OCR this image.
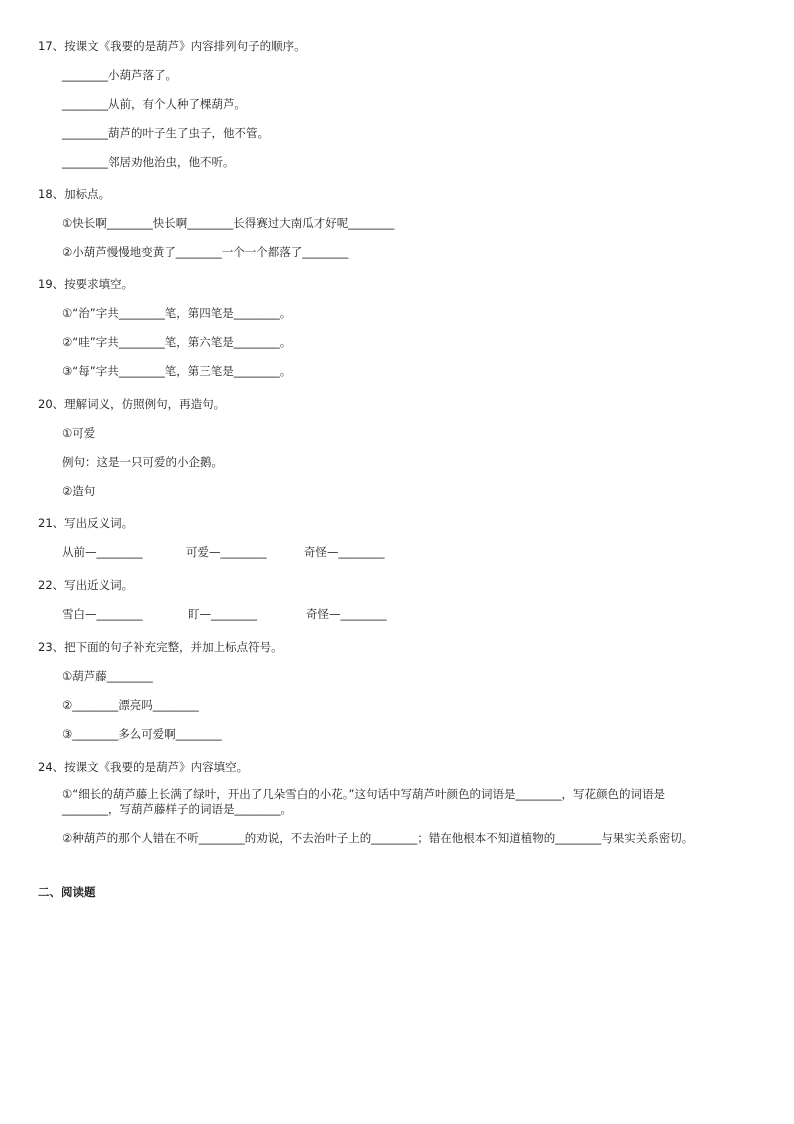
17、按课文《我要的是葫芦》内容排列句子的顺序。
________小葫芦落了。
________从前，有个人种了棵葫芦。
________葫芦的叶子生了虫子，他不管。
________邻居劝他治虫，他不听。
18、加标点。
①快长啊________快长啊________长得赛过大南瓜才好呢________
②小葫芦慢慢地变黄了________一个一个都落了________
19、按要求填空。
①“治”字共________笔，第四笔是________。
②“哇”字共________笔，第六笔是________。
③“每”字共________笔，第三笔是________。
20、理解词义，仿照例句，再造句。
①可爱
例句：这是一只可爱的小企鹅。
②造句
21、写出反义词。
从前—________	可爱—________	奇怪—________
22、写出近义词。
雪白—________	盯—________	奇怪—________
23、把下面的句子补充完整，并加上标点符号。
①葫芦藤________
②________漂亮吗________
③________多么可爱啊________
24、按课文《我要的是葫芦》内容填空。
①“细长的葫芦藤上长满了绿叶，开出了几朵雪白的小花。”这句话中写葫芦叶颜色的词语是________，写花颜色的词语是________，写葫芦藤样子的词语是________。
②种葫芦的那个人错在不听________的劝说，不去治叶子上的________；错在他根本不知道植物的________与果实关系密切。
二、阅读题
